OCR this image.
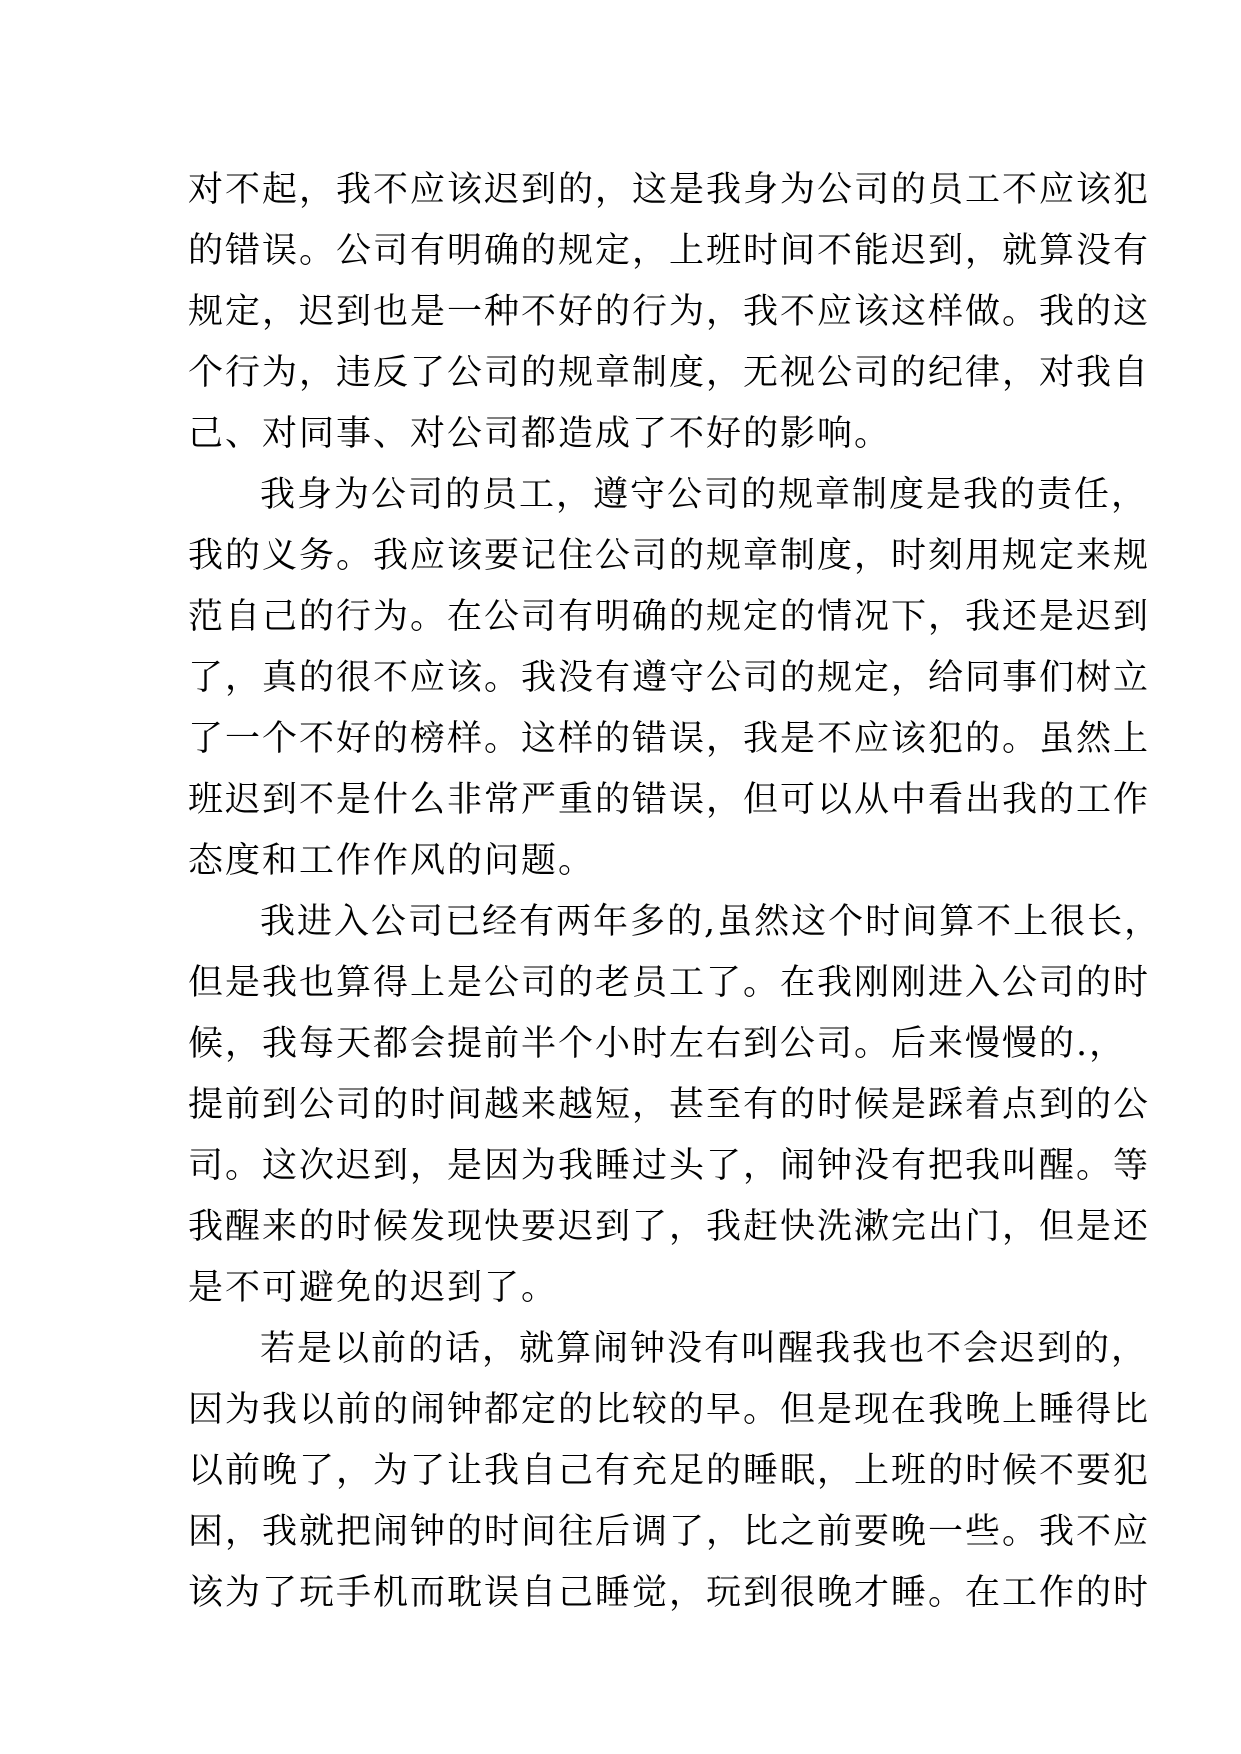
对不起，我不应该迟到的，这是我身为公司的员工不应该犯
的错误。公司有明确的规定，上班时间不能迟到，就算没有
规定，迟到也是一种不好的行为，我不应该这样做。我的这
个行为，违反了公司的规章制度，无视公司的纪律，对我自
己、对同事、对公司都造成了不好的影响。

我身为公司的员工，遵守公司的规章制度是我的责任，
我的义务。我应该要记住公司的规章制度，时刻用规定来规
范自己的行为。在公司有明确的规定的情况下，我还是迟到
了，真的很不应该。我没有遵守公司的规定，给同事们树立
了一个不好的榜样。这样的错误，我是不应该犯的。虽然上
班迟到不是什么非常严重的错误，但可以从中看出我的工作
态度和工作作风的问题。

我进入公司已经有两年多的,虽然这个时间算不上很长，
但是我也算得上是公司的老员工了。在我刚刚进入公司的时
候，我每天都会提前半个小时左右到公司。后来慢慢的.，
提前到公司的时间越来越短，甚至有的时候是踩着点到的公
司。这次迟到，是因为我睡过头了，闹钟没有把我叫醒。等
我醒来的时候发现快要迟到了，我赶快洗漱完出门，但是还
是不可避免的迟到了。

若是以前的话，就算闹钟没有叫醒我我也不会迟到的，
因为我以前的闹钟都定的比较的早。但是现在我晚上睡得比
以前晚了，为了让我自己有充足的睡眠，上班的时候不要犯
困，我就把闹钟的时间往后调了，比之前要晚一些。我不应
该为了玩手机而耽误自己睡觉，玩到很晚才睡。在工作的时
